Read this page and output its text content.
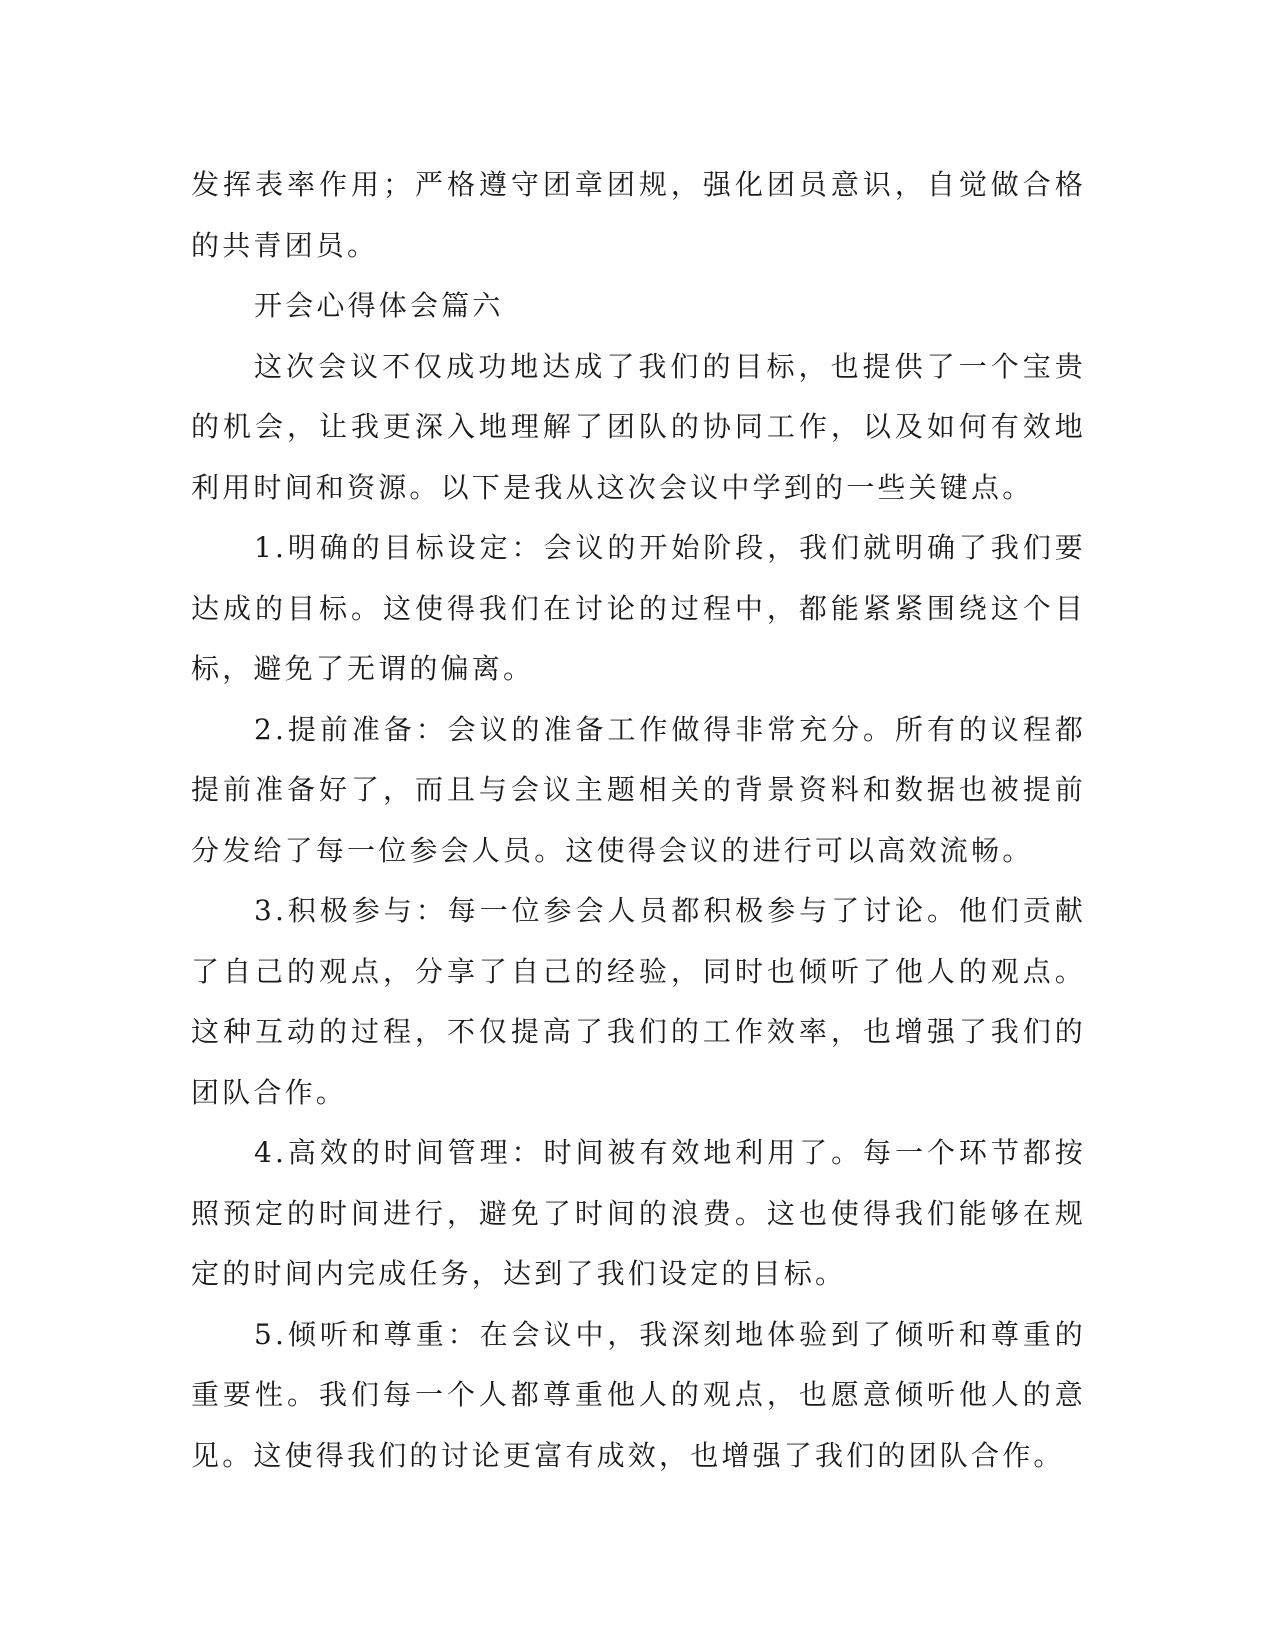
发挥表率作用；严格遵守团章团规，强化团员意识，自觉做合格的共青团员。

开会心得体会篇六

这次会议不仅成功地达成了我们的目标，也提供了一个宝贵的机会，让我更深入地理解了团队的协同工作，以及如何有效地利用时间和资源。以下是我从这次会议中学到的一些关键点。

1.明确的目标设定：会议的开始阶段，我们就明确了我们要达成的目标。这使得我们在讨论的过程中，都能紧紧围绕这个目标，避免了无谓的偏离。

2.提前准备：会议的准备工作做得非常充分。所有的议程都提前准备好了，而且与会议主题相关的背景资料和数据也被提前分发给了每一位参会人员。这使得会议的进行可以高效流畅。

3.积极参与：每一位参会人员都积极参与了讨论。他们贡献了自己的观点，分享了自己的经验，同时也倾听了他人的观点。这种互动的过程，不仅提高了我们的工作效率，也增强了我们的团队合作。

4.高效的时间管理：时间被有效地利用了。每一个环节都按照预定的时间进行，避免了时间的浪费。这也使得我们能够在规定的时间内完成任务，达到了我们设定的目标。

5.倾听和尊重：在会议中，我深刻地体验到了倾听和尊重的重要性。我们每一个人都尊重他人的观点，也愿意倾听他人的意见。这使得我们的讨论更富有成效，也增强了我们的团队合作。
